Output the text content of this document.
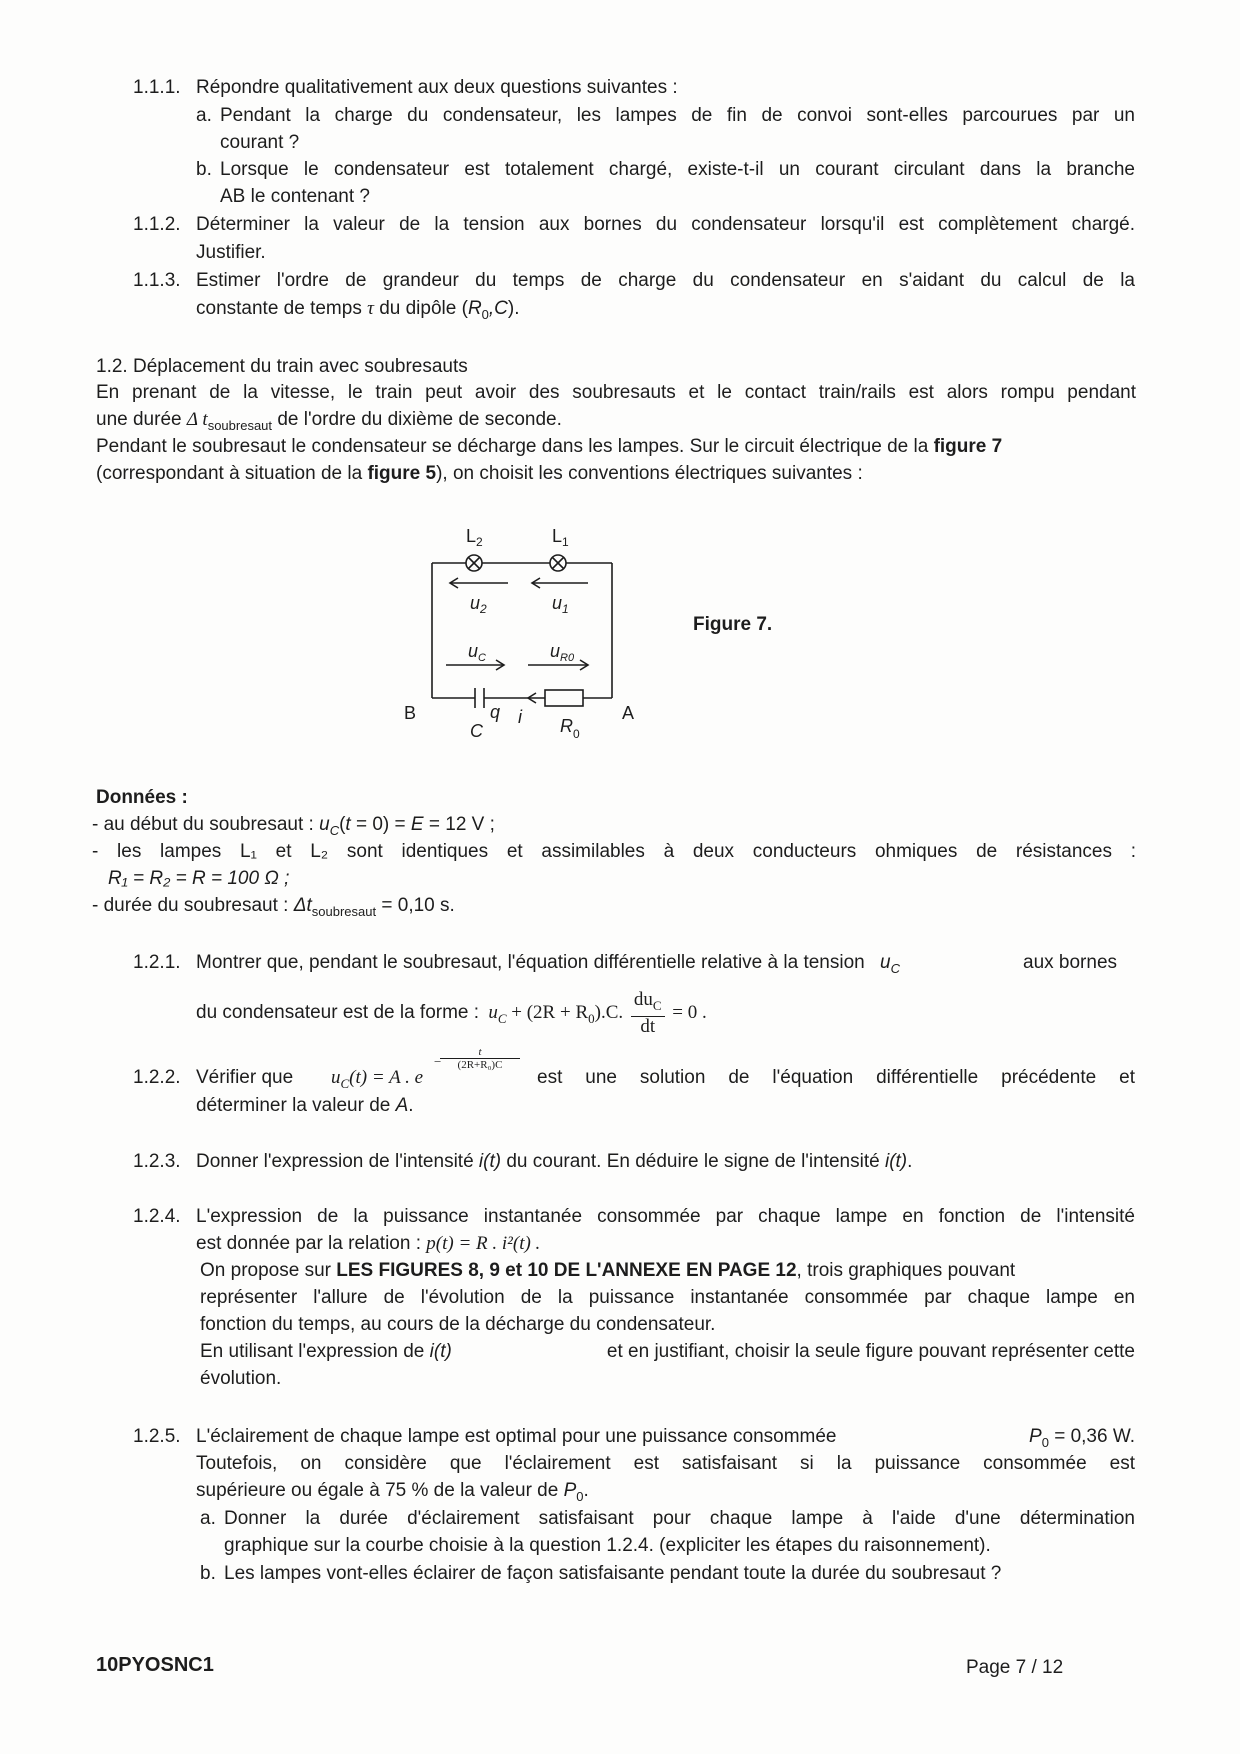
1.1.1. Répondre qualitativement aux deux questions suivantes :
a. Pendant la charge du condensateur, les lampes de fin de convoi sont-elles parcourues par un
courant ?
b. Lorsque le condensateur est totalement chargé, existe-t-il un courant circulant dans la branche
AB le contenant ?
1.1.2. Déterminer la valeur de la tension aux bornes du condensateur lorsqu'il est complètement chargé.
Justifier.
1.1.3. Estimer l'ordre de grandeur du temps de charge du condensateur en s'aidant du calcul de la
constante de temps τ du dipôle $(R_0,C)$.
1.2. Déplacement du train avec soubresauts
En prenant de la vitesse, le train peut avoir des soubresauts et le contact train/rails est alors rompu pendant
une durée Δ $t_{soubresaut}$ de l'ordre du dixième de seconde.
Pendant le soubresaut le condensateur se décharge dans les lampes. Sur le circuit électrique de la figure 7
(correspondant à situation de la figure 5), on choisit les conventions électriques suivantes :
$L_2$	$L_1$
$u_2$	$u_1$
$u_C$	$u_{R0}$
B	A
q i
C	$R_0$
Figure 7.
Données :
- au début du soubresaut : $u_C(t = 0) = E = 12$ V ;
- les lampes L₁ et L₂ sont identiques et assimilables à deux conducteurs ohmiques de résistances :
R₁ = R₂ = R = 100 Ω ;
- durée du soubresaut : $\Delta t_{soubresaut} = 0,10$ s.
1.2.1. Montrer que, pendant le soubresaut, l'équation différentielle relative à la tension $u_C$	aux bornes
du condensateur est de la forme : $u_C + (2R + R_0).C$. $\frac{du_C}{dt} = 0$ .
1.2.2. Vérifier que $u_C(t) = A$ . e
−
t
(2R+R₀)C
est une solution de l'équation différentielle précédente et
déterminer la valeur de A.
1.2.3. Donner l'expression de l'intensité i(t) du courant. En déduire le signe de l'intensité i(t).
1.2.4. L'expression de la puissance instantanée consommée par chaque lampe en fonction de l'intensité
est donnée par la relation : p(t) = R . i²(t) .
On propose sur LES FIGURES 8, 9 et 10 DE L'ANNEXE EN PAGE 12, trois graphiques pouvant
représenter l'allure de l'évolution de la puissance instantanée consommée par chaque lampe en
fonction du temps, au cours de la décharge du condensateur.
En utilisant l'expression de i(t)	et en justifiant, choisir la seule figure pouvant représenter cette
évolution.
1.2.5. L'éclairement de chaque lampe est optimal pour une puissance consommée	$P_0 = 0,36$ W.
Toutefois, on considère que l'éclairement est satisfaisant si la puissance consommée est
supérieure ou égale à 75 % de la valeur de $P_0$.
a. Donner la durée d'éclairement satisfaisant pour chaque lampe à l'aide d'une détermination
graphique sur la courbe choisie à la question 1.2.4. (expliciter les étapes du raisonnement).
b. Les lampes vont-elles éclairer de façon satisfaisante pendant toute la durée du soubresaut ?
10PYOSNC1	Page 7 / 12
